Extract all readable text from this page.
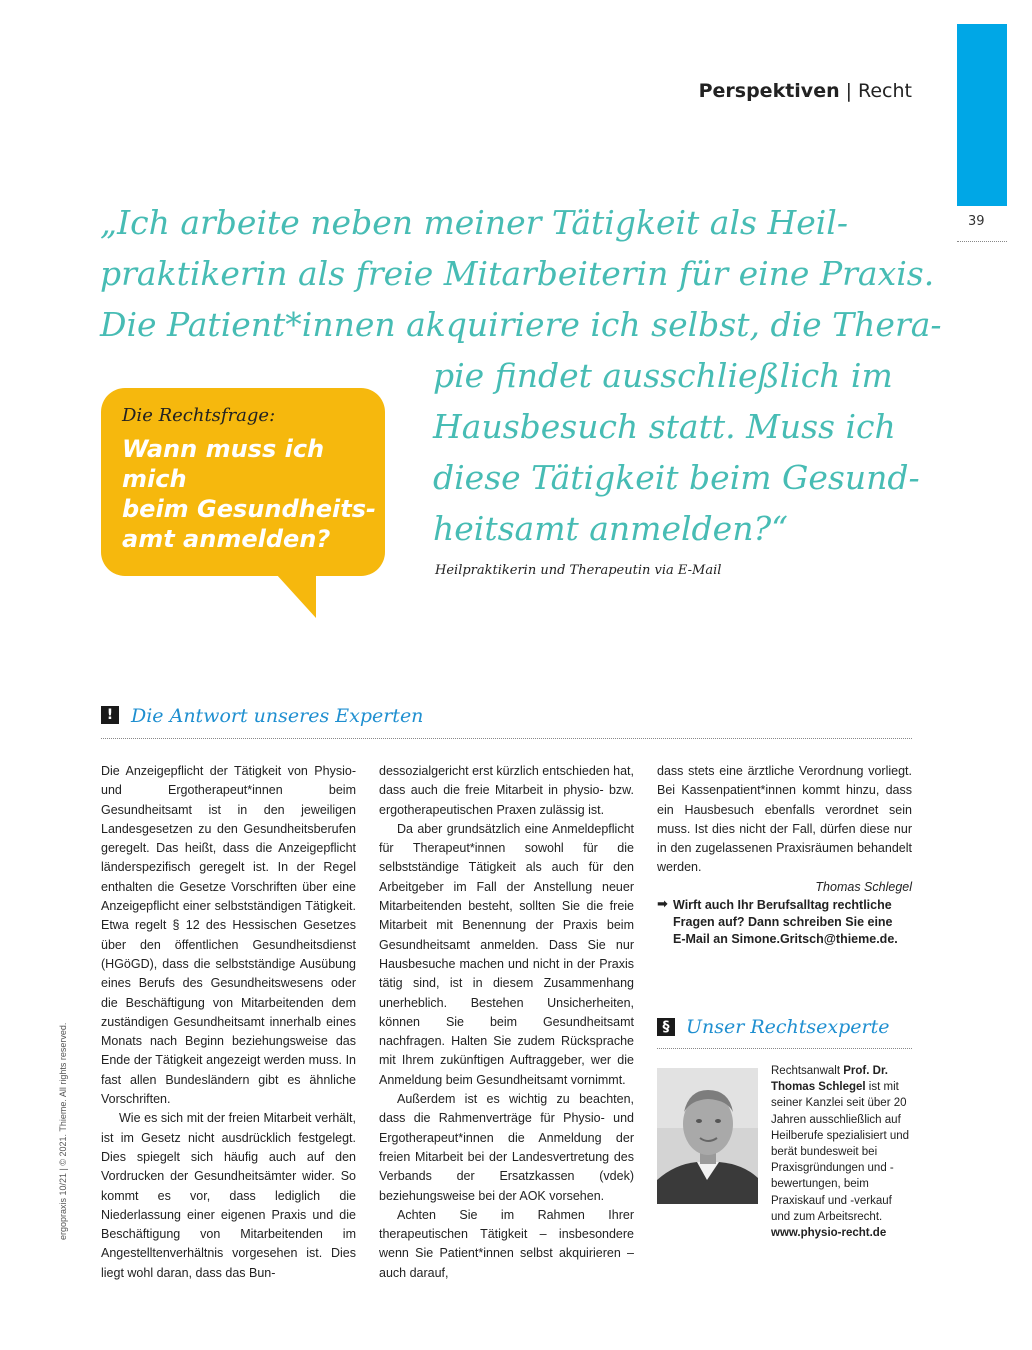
39
Perspektiven | Recht
„Ich arbeite neben meiner Tätigkeit als Heil-
praktikerin als freie Mitarbeiterin für eine Praxis.
Die Patient*innen akquiriere ich selbst, die Thera-
pie findet ausschließlich im
Hausbesuch statt. Muss ich
diese Tätigkeit beim Gesund-
heitsamt anmelden?“
Heilpraktikerin und Therapeutin via E-Mail
Die Rechtsfrage:
Wann muss ich mich
beim Gesundheits-
amt anmelden?
! Die Antwort unseres Experten

Die Anzeigepflicht der Tätigkeit von Physio- und Ergotherapeut*innen beim Gesundheitsamt ist in den jeweiligen Landesgesetzen zu den Gesundheitsberufen geregelt. Das heißt, dass die Anzeigepflicht länderspezifisch geregelt ist. In der Regel enthalten die Gesetze Vorschriften über eine Anzeigepflicht einer selbstständigen Tätigkeit. Etwa regelt § 12 des Hessischen Gesetzes über den öffentlichen Gesundheitsdienst (HGöGD), dass die selbstständige Ausübung eines Berufs des Gesundheitswesens oder die Beschäftigung von Mitarbeitenden dem zuständigen Gesundheitsamt innerhalb eines Monats nach Beginn beziehungsweise das Ende der Tätigkeit angezeigt werden muss. In fast allen Bundesländern gibt es ähnliche Vorschriften.

Wie es sich mit der freien Mitarbeit verhält, ist im Gesetz nicht ausdrücklich festgelegt. Dies spiegelt sich häufig auch auf den Vordrucken der Gesundheitsämter wider. So kommt es vor, dass lediglich die Niederlassung einer eigenen Praxis und die Beschäftigung von Mitarbeitenden im Angestelltenverhältnis vorgesehen ist. Dies liegt wohl daran, dass das Bun-

dessozialgericht erst kürzlich entschieden hat, dass auch die freie Mitarbeit in physio- bzw. ergotherapeutischen Praxen zulässig ist.

Da aber grundsätzlich eine Anmeldepflicht für Therapeut*innen sowohl für die selbstständige Tätigkeit als auch für den Arbeitgeber im Fall der Anstellung neuer Mitarbeitenden besteht, sollten Sie die freie Mitarbeit mit Benennung der Praxis beim Gesundheitsamt anmelden. Dass Sie nur Hausbesuche machen und nicht in der Praxis tätig sind, ist in diesem Zusammenhang unerheblich. Bestehen Unsicherheiten, können Sie beim Gesundheitsamt nachfragen. Halten Sie zudem Rücksprache mit Ihrem zukünftigen Auftraggeber, wer die Anmeldung beim Gesundheitsamt vornimmt.

Außerdem ist es wichtig zu beachten, dass die Rahmenverträge für Physio- und Ergotherapeut*innen die Anmeldung der freien Mitarbeit bei der Landesvertretung des Verbands der Ersatzkassen (vdek) beziehungsweise bei der AOK vorsehen.

Achten Sie im Rahmen Ihrer therapeutischen Tätigkeit – insbesondere wenn Sie Patient*innen selbst akquirieren – auch darauf,

dass stets eine ärztliche Verordnung vorliegt. Bei Kassenpatient*innen kommt hinzu, dass ein Hausbesuch ebenfalls verordnet sein muss. Ist dies nicht der Fall, dürfen diese nur in den zugelassenen Praxisräumen behandelt werden.

Thomas Schlegel
➡ Wirft auch Ihr Berufsalltag rechtliche
Fragen auf? Dann schreiben Sie eine
E-Mail an Simone.Gritsch@thieme.de.
§ Unser Rechtsexperte
Rechtsanwalt Prof. Dr. Thomas Schlegel ist mit seiner Kanzlei seit über 20 Jahren ausschließlich auf Heilberufe spezialisiert und berät bundesweit bei Praxisgründungen und -bewertungen, beim Praxiskauf und -verkauf und zum Arbeitsrecht.
www.physio-recht.de
ergopraxis 10/21 | © 2021. Thieme. All rights reserved.
